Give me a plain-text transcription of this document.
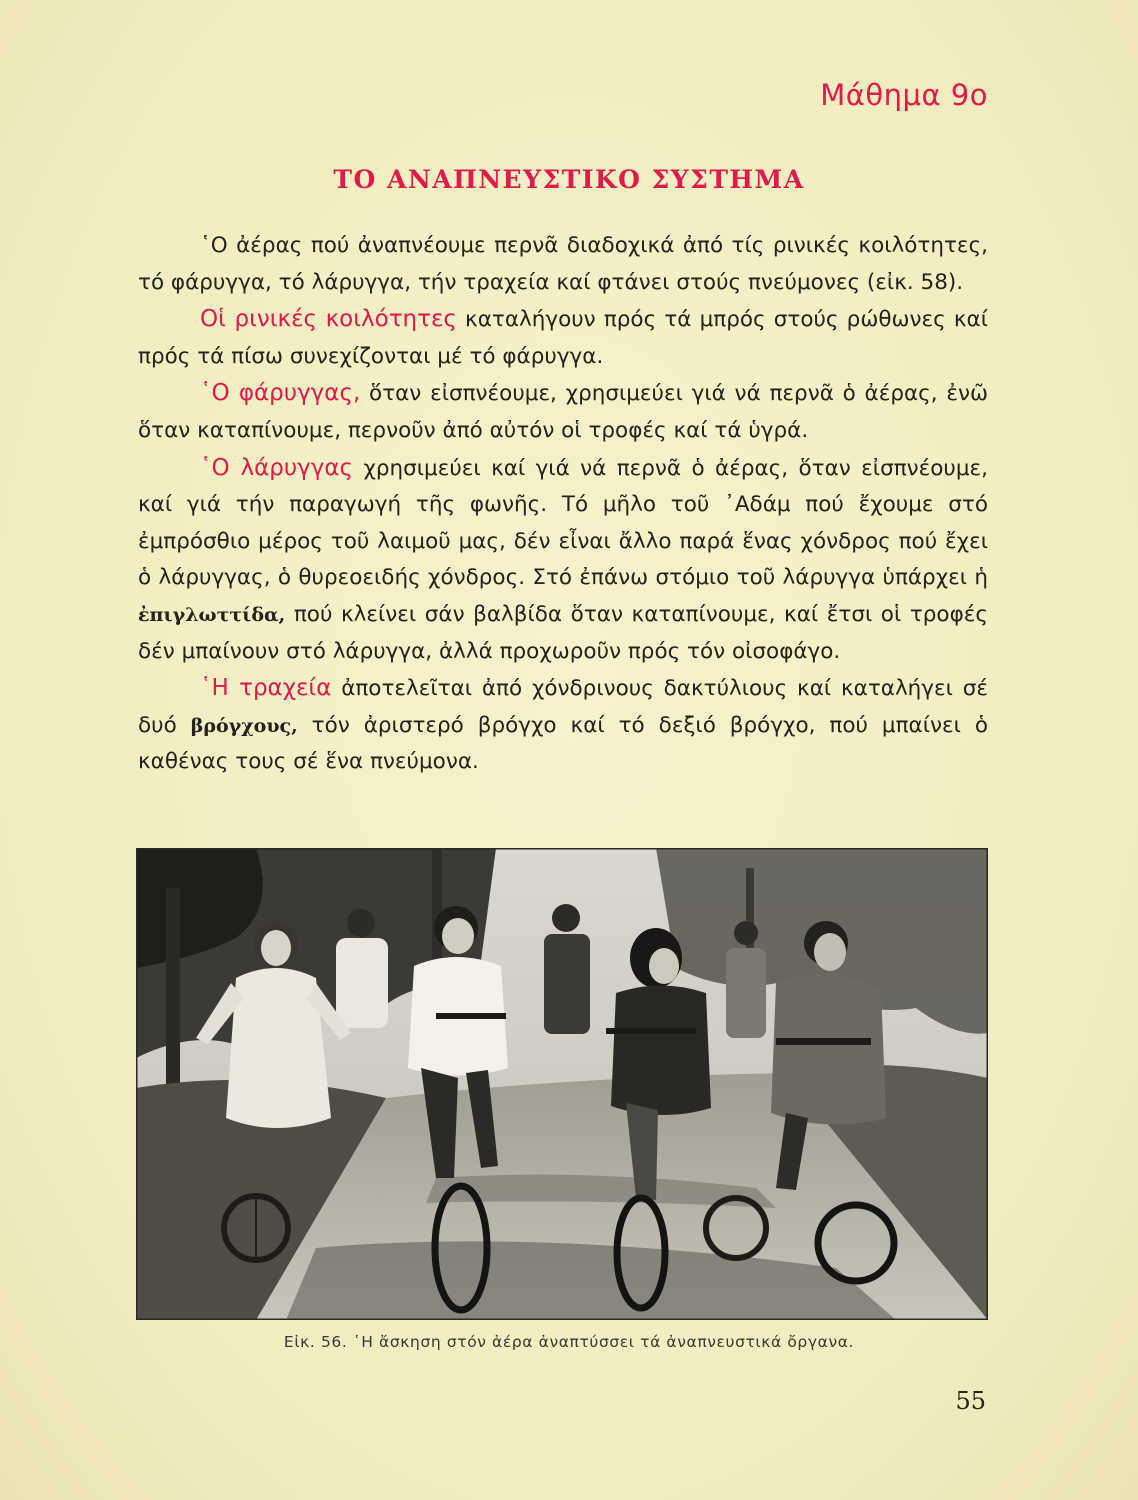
Μάθημα 9ο
ΤΟ ΑΝΑΠΝΕΥΣΤΙΚΟ ΣΥΣΤΗΜΑ

῾Ο ἀέρας πού ἀναπνέουμε περνᾶ διαδοχικά ἀπό τίς ρινικές κοιλότητες, τό φάρυγγα, τό λάρυγγα, τήν τραχεία καί φτάνει στούς πνεύμονες (εἰκ. 58).

Οἱ ρινικές κοιλότητες καταλήγουν πρός τά μπρός στούς ρώθωνες καί πρός τά πίσω συνεχίζονται μέ τό φάρυγγα.

῾Ο φάρυγγας, ὅταν εἰσπνέουμε, χρησιμεύει γιά νά περνᾶ ὁ ἀέρας, ἐνῶ ὅταν καταπίνουμε, περνοῦν ἀπό αὐτόν οἱ τροφές καί τά ὑγρά.

῾Ο λάρυγγας χρησιμεύει καί γιά νά περνᾶ ὁ ἀέρας, ὅταν εἰσπνέουμε, καί γιά τήν παραγωγή τῆς φωνῆς. Τό μῆλο τοῦ ᾿Αδάμ πού ἔχουμε στό ἐμπρόσθιο μέρος τοῦ λαιμοῦ μας, δέν εἶναι ἄλλο παρά ἕνας χόνδρος πού ἔχει ὁ λάρυγγας, ὁ θυρεοειδής χόνδρος. Στό ἐπάνω στόμιο τοῦ λάρυγγα ὑπάρχει ἡ ἐπιγλωττίδα, πού κλείνει σάν βαλβίδα ὅταν καταπίνουμε, καί ἔτσι οἱ τροφές δέν μπαίνουν στό λάρυγγα, ἀλλά προχωροῦν πρός τόν οἰσοφάγο.

῾Η τραχεία ἀποτελεῖται ἀπό χόνδρινους δακτύλιους καί καταλήγει σέ δυό βρόγχους, τόν ἀριστερό βρόγχο καί τό δεξιό βρόγχο, πού μπαίνει ὁ καθένας τους σέ ἕνα πνεύμονα.

Εἰκ. 56. ῾Η ἄσκηση στόν ἀέρα ἀναπτύσσει τά ἀναπνευστικά ὄργανα.
55
